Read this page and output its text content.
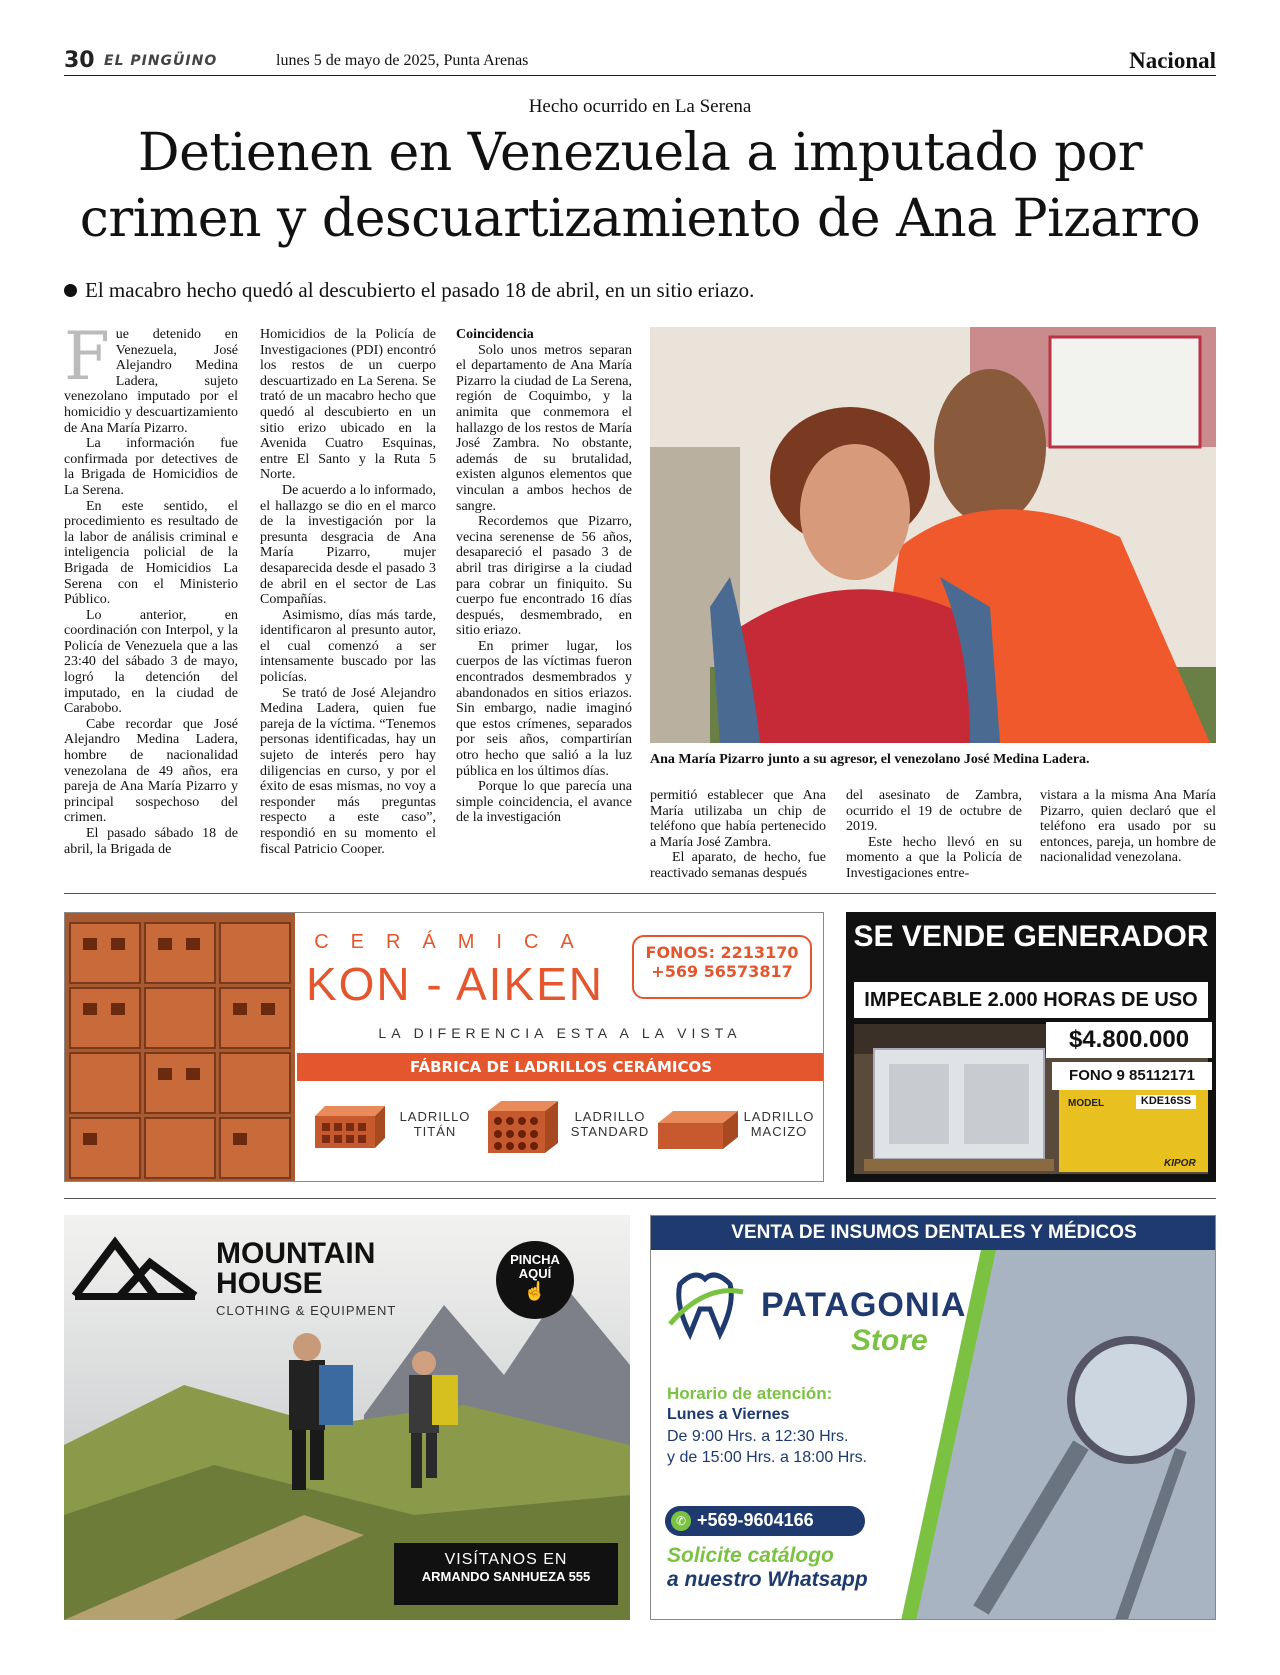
30 EL PINGÜINO	lunes 5 de mayo de 2025, Punta Arenas	Nacional
Hecho ocurrido en La Serena
Detienen en Venezuela a imputado por
crimen y descuartizamiento de Ana Pizarro
El macabro hecho quedó al descubierto el pasado 18 de abril, en un sitio eriazo.

Fue detenido en Venezuela, José Alejandro Medina Ladera, sujeto venezolano imputado por el homicidio y descuartizamiento de Ana María Pizarro.

La información fue confirmada por detectives de la Brigada de Homicidios de La Serena.

En este sentido, el procedimiento es resultado de la labor de análisis criminal e inteligencia policial de la Brigada de Homicidios La Serena con el Ministerio Público.

Lo anterior, en coordinación con Interpol, y la Policía de Venezuela que a las 23:40 del sábado 3 de mayo, logró la detención del imputado, en la ciudad de Carabobo.

Cabe recordar que José Alejandro Medina Ladera, hombre de nacionalidad venezolana de 49 años, era pareja de Ana María Pizarro y principal sospechoso del crimen.

El pasado sábado 18 de abril, la Brigada de

Homicidios de la Policía de Investigaciones (PDI) encontró los restos de un cuerpo descuartizado en La Serena. Se trató de un macabro hecho que quedó al descubierto en un sitio erizo ubicado en la Avenida Cuatro Esquinas, entre El Santo y la Ruta 5 Norte.

De acuerdo a lo informado, el hallazgo se dio en el marco de la investigación por la presunta desgracia de Ana María Pizarro, mujer desaparecida desde el pasado 3 de abril en el sector de Las Compañías.

Asimismo, días más tarde, identificaron al presunto autor, el cual comenzó a ser intensamente buscado por las policías.

Se trató de José Alejandro Medina Ladera, quien fue pareja de la víctima. “Tenemos personas identificadas, hay un sujeto de interés pero hay diligencias en curso, y por el éxito de esas mismas, no voy a responder más preguntas respecto a este caso”, respondió en su momento el fiscal Patricio Cooper.

Coincidencia

Solo unos metros separan el departamento de Ana María Pizarro la ciudad de La Serena, región de Coquimbo, y la animita que conmemora el hallazgo de los restos de María José Zambra. No obstante, además de su brutalidad, existen algunos elementos que vinculan a ambos hechos de sangre.

Recordemos que Pizarro, vecina serenense de 56 años, desapareció el pasado 3 de abril tras dirigirse a la ciudad para cobrar un finiquito. Su cuerpo fue encontrado 16 días después, desmembrado, en sitio eriazo.

En primer lugar, los cuerpos de las víctimas fueron encontrados desmembrados y abandonados en sitios eriazos. Sin embargo, nadie imaginó que estos crímenes, separados por seis años, compartirían otro hecho que salió a la luz pública en los últimos días.

Porque lo que parecía una simple coincidencia, el avance de la investigación

permitió establecer que Ana María utilizaba un chip de teléfono que había pertenecido a María José Zambra.

El aparato, de hecho, fue reactivado semanas después

del asesinato de Zambra, ocurrido el 19 de octubre de 2019.

Este hecho llevó en su momento a que la Policía de Investigaciones entre-

vistara a la misma Ana María Pizarro, quien declaró que el teléfono era usado por su entonces, pareja, un hombre de nacionalidad venezolana.

Ana María Pizarro junto a su agresor, el venezolano José Medina Ladera.
CERÁMICA
KON - AIKEN
FONOS: 2213170
+569 56573817
LA DIFERENCIA ESTA A LA VISTA
FÁBRICA DE LADRILLOS CERÁMICOS
LADRILLO
TITÁN
LADRILLO
STANDARD
LADRILLO
MACIZO
SE VENDE GENERADOR
IMPECABLE 2.000 HORAS DE USO
$4.800.000
FONO 9 85112171
MODEL	KDE16SS
KIPOR
MOUNTAIN
HOUSE
CLOTHING & EQUIPMENT
PINCHA
AQUÍ
☝
VISÍTANOS EN
ARMANDO SANHUEZA 555
VENTA DE INSUMOS DENTALES Y MÉDICOS
PATAGONIA
Store
Horario de atención:
Lunes a Viernes
De 9:00 Hrs. a 12:30 Hrs.
y de 15:00 Hrs. a 18:00 Hrs.
✆ +569-9604166
Solicite catálogo
a nuestro Whatsapp
